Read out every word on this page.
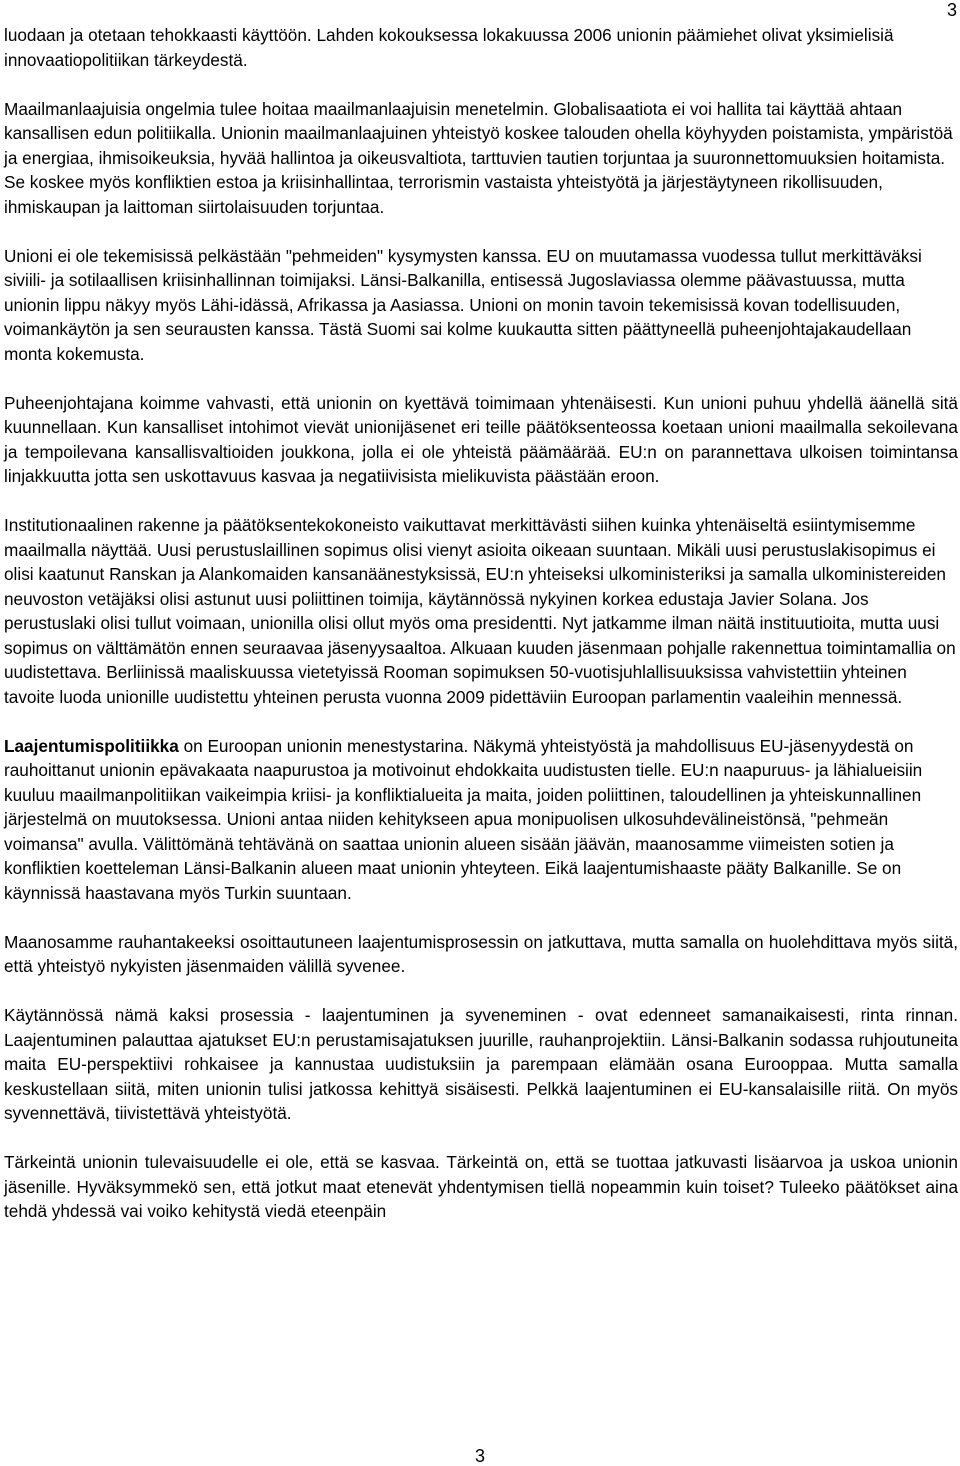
3

luodaan ja otetaan tehokkaasti käyttöön. Lahden kokouksessa lokakuussa 2006 unionin päämiehet olivat yksimielisiä innovaatiopolitiikan tärkeydestä.

Maailmanlaajuisia ongelmia tulee hoitaa maailmanlaajuisin menetelmin. Globalisaatiota ei voi hallita tai käyttää ahtaan kansallisen edun politiikalla. Unionin maailmanlaajuinen yhteistyö koskee talouden ohella köyhyyden poistamista, ympäristöä ja energiaa, ihmisoikeuksia, hyvää hallintoa ja oikeusvaltiota, tarttuvien tautien torjuntaa ja suuronnettomuuksien hoitamista. Se koskee myös konfliktien estoa ja kriisinhallintaa, terrorismin vastaista yhteistyötä ja järjestäytyneen rikollisuuden, ihmiskaupan ja laittoman siirtolaisuuden torjuntaa.

Unioni ei ole tekemisissä pelkästään "pehmeiden" kysymysten kanssa. EU on muutamassa vuodessa tullut merkittäväksi siviili- ja sotilaallisen kriisinhallinnan toimijaksi. Länsi-Balkanilla, entisessä Jugoslaviassa olemme päävastuussa, mutta unionin lippu näkyy myös Lähi-idässä, Afrikassa ja Aasiassa. Unioni on monin tavoin tekemisissä kovan todellisuuden, voimankäytön ja sen seurausten kanssa. Tästä Suomi sai kolme kuukautta sitten päättyneellä puheenjohtajakaudellaan monta kokemusta.

Puheenjohtajana koimme vahvasti, että unionin on kyettävä toimimaan yhtenäisesti. Kun unioni puhuu yhdellä äänellä sitä kuunnellaan. Kun kansalliset intohimot vievät unionijäsenet eri teille päätöksenteossa koetaan unioni maailmalla sekoilevana ja tempoilevana kansallisvaltioiden joukkona, jolla ei ole yhteistä päämäärää. EU:n on parannettava ulkoisen toimintansa linjakkuutta jotta sen uskottavuus kasvaa ja negatiivisista mielikuvista päästään eroon.

Institutionaalinen rakenne ja päätöksentekokoneisto vaikuttavat merkittävästi siihen kuinka yhtenäiseltä esiintymisemme maailmalla näyttää. Uusi perustuslaillinen sopimus olisi vienyt asioita oikeaan suuntaan. Mikäli uusi perustuslakisopimus ei olisi kaatunut Ranskan ja Alankomaiden kansanäänestyksissä, EU:n yhteiseksi ulkoministeriksi ja samalla ulkoministereiden neuvoston vetäjäksi olisi astunut uusi poliittinen toimija, käytännössä nykyinen korkea edustaja Javier Solana. Jos perustuslaki olisi tullut voimaan, unionilla olisi ollut myös oma presidentti. Nyt jatkamme ilman näitä instituutioita, mutta uusi sopimus on välttämätön ennen seuraavaa jäsenyysaaltoa. Alkuaan kuuden jäsenmaan pohjalle rakennettua toimintamallia on uudistettava. Berliinissä maaliskuussa vietetyissä Rooman sopimuksen 50-vuotisjuhlallisuuksissa vahvistettiin yhteinen tavoite luoda unionille uudistettu yhteinen perusta vuonna 2009 pidettäviin Euroopan parlamentin vaaleihin mennessä.

Laajentumispolitiikka on Euroopan unionin menestystarina. Näkymä yhteistyöstä ja mahdollisuus EU-jäsenyydestä on rauhoittanut unionin epävakaata naapurustoa ja motivoinut ehdokkaita uudistusten tielle. EU:n naapuruus- ja lähialueisiin kuuluu maailmanpolitiikan vaikeimpia kriisi- ja konfliktialueita ja maita, joiden poliittinen, taloudellinen ja yhteiskunnallinen järjestelmä on muutoksessa. Unioni antaa niiden kehitykseen apua monipuolisen ulkosuhdevälineistönsä, "pehmeän voimansa" avulla. Välittömänä tehtävänä on saattaa unionin alueen sisään jäävän, maanosamme viimeisten sotien ja konfliktien koetteleman Länsi-Balkanin alueen maat unionin yhteyteen. Eikä laajentumishaaste pääty Balkanille. Se on käynnissä haastavana myös Turkin suuntaan.

Maanosamme rauhantakeeksi osoittautuneen laajentumisprosessin on jatkuttava, mutta samalla on huolehdittava myös siitä, että yhteistyö nykyisten jäsenmaiden välillä syvenee.

Käytännössä nämä kaksi prosessia - laajentuminen ja syveneminen - ovat edenneet samanaikaisesti, rinta rinnan. Laajentuminen palauttaa ajatukset EU:n perustamisajatuksen juurille, rauhanprojektiin. Länsi-Balkanin sodassa ruhjoutuneita maita EU-perspektiivi rohkaisee ja kannustaa uudistuksiin ja parempaan elämään osana Eurooppaa. Mutta samalla keskustellaan siitä, miten unionin tulisi jatkossa kehittyä sisäisesti. Pelkkä laajentuminen ei EU-kansalaisille riitä. On myös syvennettävä, tiivistettävä yhteistyötä.

Tärkeintä unionin tulevaisuudelle ei ole, että se kasvaa. Tärkeintä on, että se tuottaa jatkuvasti lisäarvoa ja uskoa unionin jäsenille. Hyväksymmekö sen, että jotkut maat etenevät yhdentymisen tiellä nopeammin kuin toiset? Tuleeko päätökset aina tehdä yhdessä vai voiko kehitystä viedä eteenpäin

3
